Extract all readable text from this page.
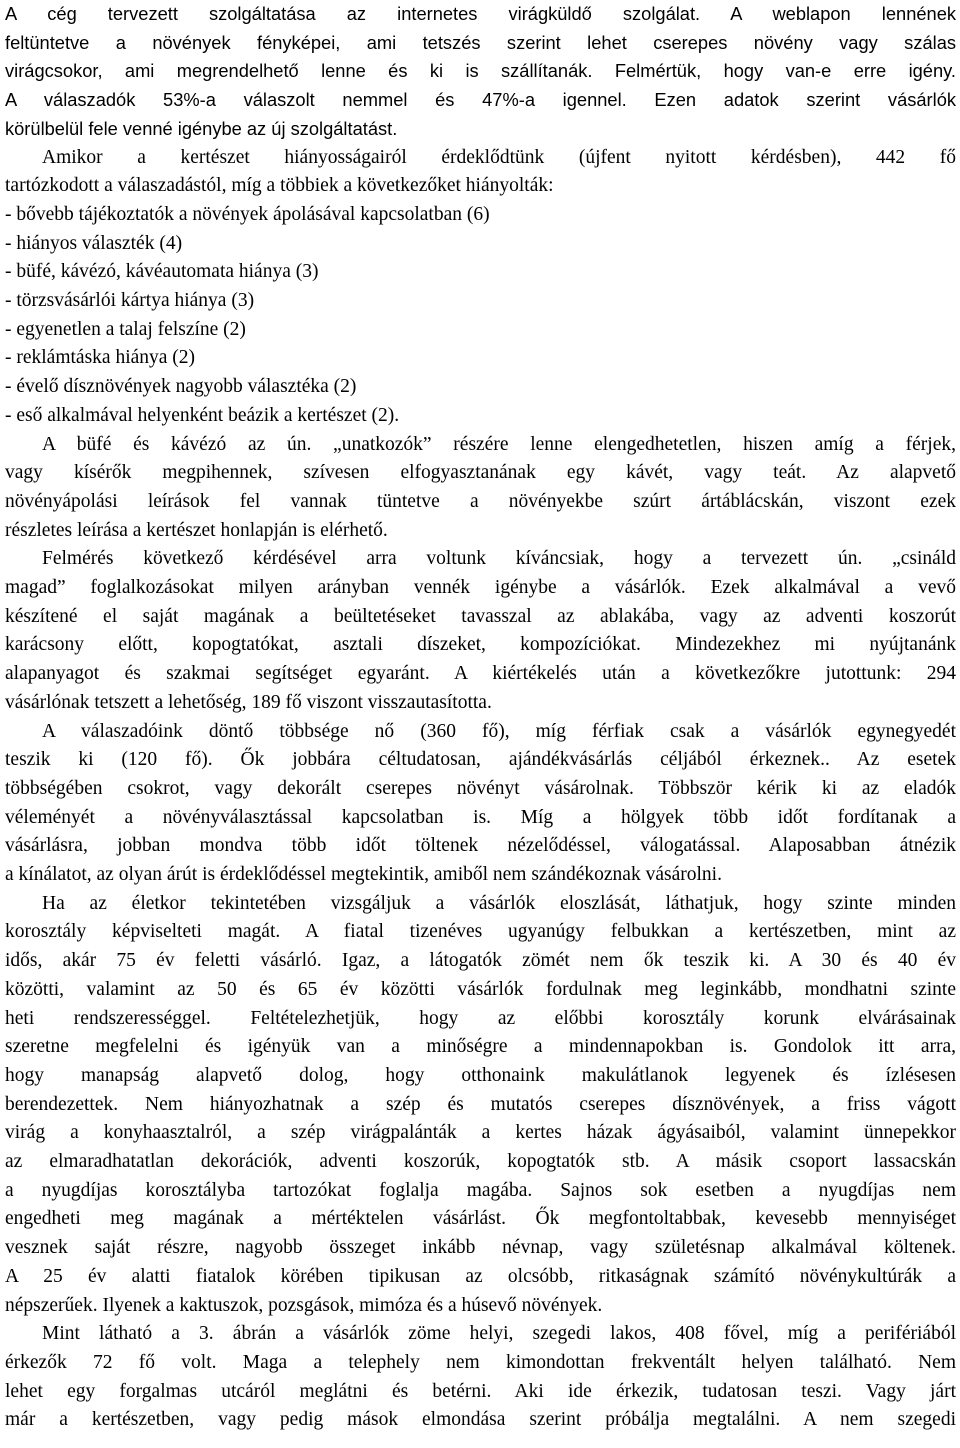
A cég tervezett szolgáltatása az internetes virágküldő szolgálat. A weblapon lennének
feltüntetve a növények fényképei, ami tetszés szerint lehet cserepes növény vagy szálas
virágcsokor, ami megrendelhető lenne és ki is szállítanák. Felmértük, hogy van-e erre igény.
A válaszadók 53%-a válaszolt nemmel és 47%-a igennel. Ezen adatok szerint vásárlók
körülbelül fele venné igénybe az új szolgáltatást.
Amikor a kertészet hiányosságairól érdeklődtünk (újfent nyitott kérdésben), 442 fő
tartózkodott a válaszadástól, míg a többiek a következőket hiányolták:
- bővebb tájékoztatók a növények ápolásával kapcsolatban (6)
- hiányos választék (4)
- büfé, kávézó, kávéautomata hiánya (3)
- törzsvásárlói kártya hiánya (3)
- egyenetlen a talaj felszíne (2)
- reklámtáska hiánya (2)
- évelő dísznövények nagyobb választéka (2)
- eső alkalmával helyenként beázik a kertészet (2).
A büfé és kávézó az ún. „unatkozók” részére lenne elengedhetetlen, hiszen amíg a férjek,
vagy kísérők megpihennek, szívesen elfogyasztanának egy kávét, vagy teát. Az alapvető
növényápolási leírások fel vannak tüntetve a növényekbe szúrt ártáblácskán, viszont ezek
részletes leírása a kertészet honlapján is elérhető.
Felmérés következő kérdésével arra voltunk kíváncsiak, hogy a tervezett ún. „csináld
magad” foglalkozásokat milyen arányban vennék igénybe a vásárlók. Ezek alkalmával a vevő
készítené el saját magának a beültetéseket tavasszal az ablakába, vagy az adventi koszorút
karácsony előtt, kopogtatókat, asztali díszeket, kompozíciókat. Mindezekhez mi nyújtanánk
alapanyagot és szakmai segítséget egyaránt. A kiértékelés után a következőkre jutottunk: 294
vásárlónak tetszett a lehetőség, 189 fő viszont visszautasította.
A válaszadóink döntő többsége nő (360 fő), míg férfiak csak a vásárlók egynegyedét
teszik ki (120 fő). Ők jobbára céltudatosan, ajándékvásárlás céljából érkeznek.. Az esetek
többségében csokrot, vagy dekorált cserepes növényt vásárolnak. Többször kérik ki az eladók
véleményét a növényválasztással kapcsolatban is. Míg a hölgyek több időt fordítanak a
vásárlásra, jobban mondva több időt töltenek nézelődéssel, válogatással. Alaposabban átnézik
a kínálatot, az olyan árút is érdeklődéssel megtekintik, amiből nem szándékoznak vásárolni.
Ha az életkor tekintetében vizsgáljuk a vásárlók eloszlását, láthatjuk, hogy szinte minden
korosztály képviselteti magát. A fiatal tizenéves ugyanúgy felbukkan a kertészetben, mint az
idős, akár 75 év feletti vásárló. Igaz, a látogatók zömét nem ők teszik ki. A 30 és 40 év
közötti, valamint az 50 és 65 év közötti vásárlók fordulnak meg leginkább, mondhatni szinte
heti rendszerességgel. Feltételezhetjük, hogy az előbbi korosztály korunk elvárásainak
szeretne megfelelni és igényük van a minőségre a mindennapokban is. Gondolok itt arra,
hogy manapság alapvető dolog, hogy otthonaink makulátlanok legyenek és ízlésesen
berendezettek. Nem hiányozhatnak a szép és mutatós cserepes dísznövények, a friss vágott
virág a konyhaasztalról, a szép virágpalánták a kertes házak ágyásaiból, valamint ünnepekkor
az elmaradhatatlan dekorációk, adventi koszorúk, kopogtatók stb. A másik csoport lassacskán
a nyugdíjas korosztályba tartozókat foglalja magába. Sajnos sok esetben a nyugdíjas nem
engedheti meg magának a mértéktelen vásárlást. Ők megfontoltabbak, kevesebb mennyiséget
vesznek saját részre, nagyobb összeget inkább névnap, vagy születésnap alkalmával költenek.
A 25 év alatti fiatalok körében tipikusan az olcsóbb, ritkaságnak számító növénykultúrák a
népszerűek. Ilyenek a kaktuszok, pozsgások, mimóza és a húsevő növények.
Mint látható a 3. ábrán a vásárlók zöme helyi, szegedi lakos, 408 fővel, míg a perifériából
érkezők 72 fő volt. Maga a telephely nem kimondottan frekventált helyen található. Nem
lehet egy forgalmas utcáról meglátni és betérni. Aki ide érkezik, tudatosan teszi. Vagy járt
már a kertészetben, vagy pedig mások elmondása szerint próbálja megtalálni. A nem szegedi
